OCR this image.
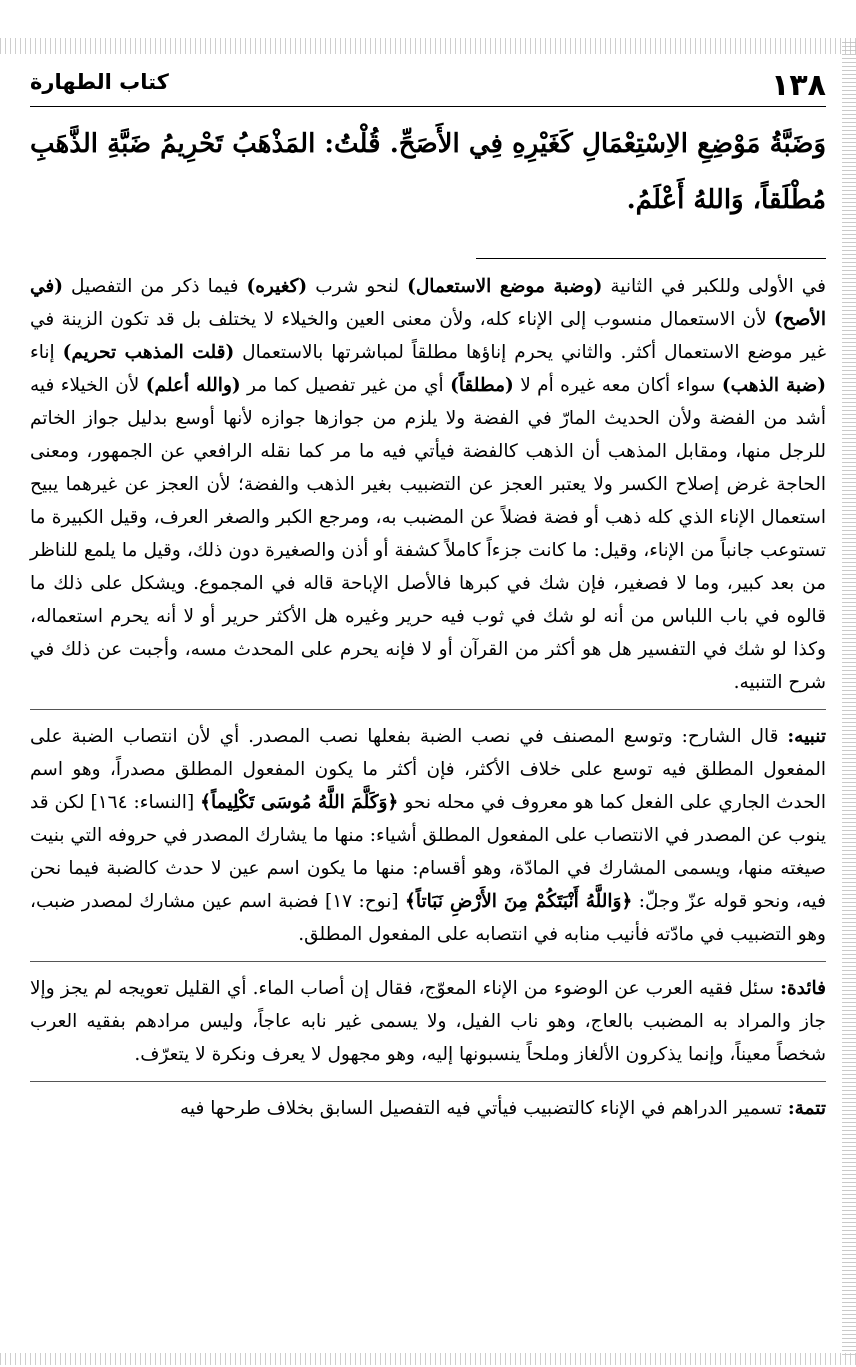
١٣٨
كتاب الطهارة
وَضَبَّةُ مَوْضِعِ الاِسْتِعْمَالِ كَغَيْرِهِ فِي الأَصَحِّ. قُلْتُ: المَذْهَبُ تَحْرِيمُ ضَبَّةِ الذَّهَبِ مُطْلَقاً، وَاللهُ أَعْلَمُ.

في الأولى وللكبر في الثانية (وضبة موضع الاستعمال) لنحو شرب (كغيره) فيما ذكر من التفصيل (في الأصح) لأن الاستعمال منسوب إلى الإناء كله، ولأن معنى العين والخيلاء لا يختلف بل قد تكون الزينة في غير موضع الاستعمال أكثر. والثاني يحرم إناؤها مطلقاً لمباشرتها بالاستعمال (قلت المذهب تحريم) إناء (ضبة الذهب) سواء أكان معه غيره أم لا (مطلقاً) أي من غير تفصيل كما مر (والله أعلم) لأن الخيلاء فيه أشد من الفضة ولأن الحديث المارّ في الفضة ولا يلزم من جوازها جوازه لأنها أوسع بدليل جواز الخاتم للرجل منها، ومقابل المذهب أن الذهب كالفضة فيأتي فيه ما مر كما نقله الرافعي عن الجمهور، ومعنى الحاجة غرض إصلاح الكسر ولا يعتبر العجز عن التضبيب بغير الذهب والفضة؛ لأن العجز عن غيرهما يبيح استعمال الإناء الذي كله ذهب أو فضة فضلاً عن المضبب به، ومرجع الكبر والصغر العرف، وقيل الكبيرة ما تستوعب جانباً من الإناء، وقيل: ما كانت جزءاً كاملاً كشفة أو أذن والصغيرة دون ذلك، وقيل ما يلمع للناظر من بعد كبير، وما لا فصغير، فإن شك في كبرها فالأصل الإباحة قاله في المجموع. ويشكل على ذلك ما قالوه في باب اللباس من أنه لو شك في ثوب فيه حرير وغيره هل الأكثر حرير أو لا أنه يحرم استعماله، وكذا لو شك في التفسير هل هو أكثر من القرآن أو لا فإنه يحرم على المحدث مسه، وأجبت عن ذلك في شرح التنبيه.

تنبيه: قال الشارح: وتوسع المصنف في نصب الضبة بفعلها نصب المصدر. أي لأن انتصاب الضبة على المفعول المطلق فيه توسع على خلاف الأكثر، فإن أكثر ما يكون المفعول المطلق مصدراً، وهو اسم الحدث الجاري على الفعل كما هو معروف في محله نحو ﴿وَكَلَّمَ اللَّهُ مُوسَى تَكْلِيماً﴾ [النساء: ١٦٤] لكن قد ينوب عن المصدر في الانتصاب على المفعول المطلق أشياء: منها ما يشارك المصدر في حروفه التي بنيت صيغته منها، ويسمى المشارك في المادّة، وهو أقسام: منها ما يكون اسم عين لا حدث كالضبة فيما نحن فيه، ونحو قوله عزّ وجلّ: ﴿وَاللَّهُ أَنْبَتَكُمْ مِنَ الأَرْضِ نَبَاتاً﴾ [نوح: ١٧] فضبة اسم عين مشارك لمصدر ضبب، وهو التضبيب في مادّته فأنيب منابه في انتصابه على المفعول المطلق.

فائدة: سئل فقيه العرب عن الوضوء من الإناء المعوّج، فقال إن أصاب الماء. أي القليل تعويجه لم يجز وإلا جاز والمراد به المضبب بالعاج، وهو ناب الفيل، ولا يسمى غير نابه عاجاً، وليس مرادهم بفقيه العرب شخصاً معيناً، وإنما يذكرون الألغاز وملحاً ينسبونها إليه، وهو مجهول لا يعرف ونكرة لا يتعرّف.

تتمة: تسمير الدراهم في الإناء كالتضبيب فيأتي فيه التفصيل السابق بخلاف طرحها فيه
